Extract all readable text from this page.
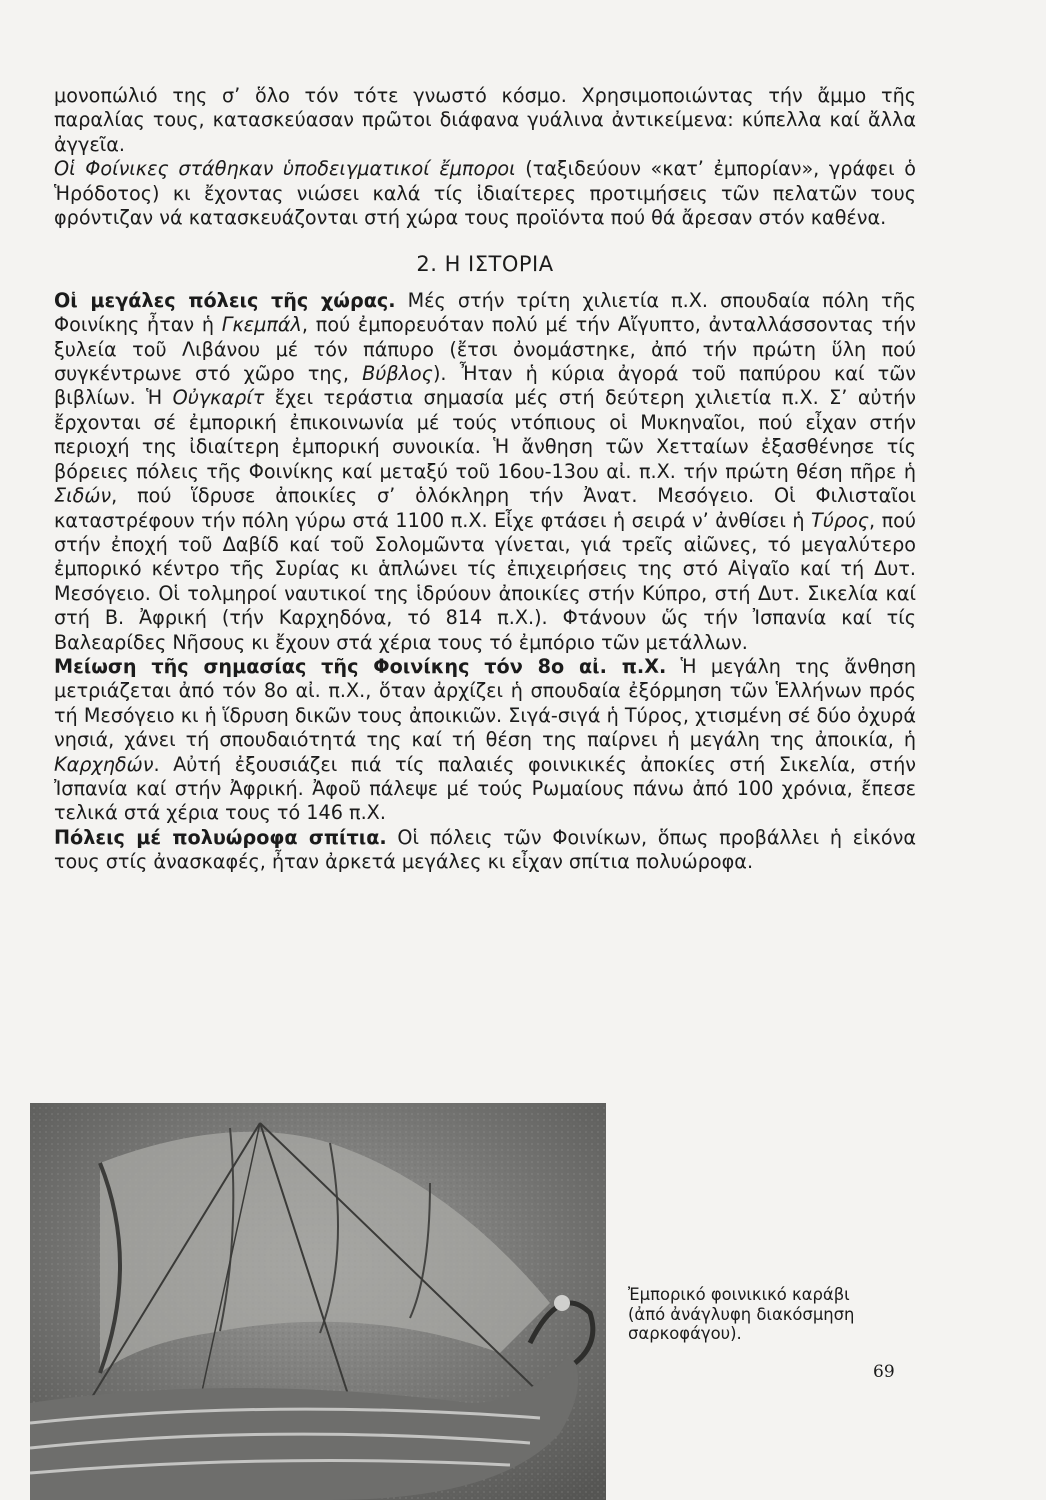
μονοπώλιό της σ’ ὅλο τόν τότε γνωστό κόσμο. Χρησιμοποιώντας τήν ἄμμο τῆς παραλίας τους, κατασκεύασαν πρῶτοι διάφανα γυάλινα ἀντικείμενα: κύπελλα καί ἄλλα ἀγγεῖα.

Οἱ Φοίνικες στάθηκαν ὑποδειγματικοί ἔμποροι (ταξιδεύουν «κατ’ ἐμπορίαν», γράφει ὁ Ἡρόδοτος) κι ἔχοντας νιώσει καλά τίς ἰδιαίτερες προτιμήσεις τῶν πελατῶν τους φρόντιζαν νά κατασκευάζονται στή χώρα τους προϊόντα πού θά ἄρεσαν στόν καθένα.

2. Η ΙΣΤΟΡΙΑ

Οἱ μεγάλες πόλεις τῆς χώρας. Μές στήν τρίτη χιλιετία π.Χ. σπουδαία πόλη τῆς Φοινίκης ἦταν ἡ Γκεμπάλ, πού ἐμπορευόταν πολύ μέ τήν Αἴγυπτο, ἀνταλλάσσοντας τήν ξυλεία τοῦ Λιβάνου μέ τόν πάπυρο (ἔτσι ὀνομάστηκε, ἀπό τήν πρώτη ὕλη πού συγκέντρωνε στό χῶρο της, Βύβλος). Ἦταν ἡ κύρια ἀγορά τοῦ παπύρου καί τῶν βιβλίων. Ἡ Οὐγκαρίτ ἔχει τεράστια σημασία μές στή δεύτερη χιλιετία π.Χ. Σ’ αὐτήν ἔρχονται σέ ἐμπορική ἐπικοινωνία μέ τούς ντόπιους οἱ Μυκηναῖοι, πού εἶχαν στήν περιοχή της ἰδιαίτερη ἐμπορική συνοικία. Ἡ ἄνθηση τῶν Χετταίων ἐξασθένησε τίς βόρειες πόλεις τῆς Φοινίκης καί μεταξύ τοῦ 16ου-13ου αἰ. π.Χ. τήν πρώτη θέση πῆρε ἡ Σιδών, πού ἵδρυσε ἀποικίες σ’ ὁλόκληρη τήν Ἀνατ. Μεσόγειο. Οἱ Φιλισταῖοι καταστρέφουν τήν πόλη γύρω στά 1100 π.Χ. Εἶχε φτάσει ἡ σειρά ν’ ἀνθίσει ἡ Τύρος, πού στήν ἐποχή τοῦ Δαβίδ καί τοῦ Σολομῶντα γίνεται, γιά τρεῖς αἰῶνες, τό μεγαλύτερο ἐμπορικό κέντρο τῆς Συρίας κι ἁπλώνει τίς ἐπιχειρήσεις της στό Αἰγαῖο καί τή Δυτ. Μεσόγειο. Οἱ τολμηροί ναυτικοί της ἱδρύουν ἀποικίες στήν Κύπρο, στή Δυτ. Σικελία καί στή Β. Ἀφρική (τήν Καρχηδόνα, τό 814 π.Χ.). Φτάνουν ὥς τήν Ἰσπανία καί τίς Βαλεαρίδες Νῆσους κι ἔχουν στά χέρια τους τό ἐμπόριο τῶν μετάλλων.

Μείωση τῆς σημασίας τῆς Φοινίκης τόν 8ο αἰ. π.Χ. Ἡ μεγάλη της ἄνθηση μετριάζεται ἀπό τόν 8ο αἰ. π.Χ., ὅταν ἀρχίζει ἡ σπουδαία ἐξόρμηση τῶν Ἑλλήνων πρός τή Μεσόγειο κι ἡ ἵδρυση δικῶν τους ἀποικιῶν. Σιγά-σιγά ἡ Τύρος, χτισμένη σέ δύο ὀχυρά νησιά, χάνει τή σπουδαιότητά της καί τή θέση της παίρνει ἡ μεγάλη της ἀποικία, ἡ Καρχηδών. Αὐτή ἐξουσιάζει πιά τίς παλαιές φοινικικές ἀποκίες στή Σικελία, στήν Ἰσπανία καί στήν Ἀφρική. Ἀφοῦ πάλεψε μέ τούς Ρωμαίους πάνω ἀπό 100 χρόνια, ἔπεσε τελικά στά χέρια τους τό 146 π.Χ.

Πόλεις μέ πολυώροφα σπίτια. Οἱ πόλεις τῶν Φοινίκων, ὅπως προβάλλει ἡ εἰκόνα τους στίς ἀνασκαφές, ἦταν ἀρκετά μεγάλες κι εἶχαν σπίτια πολυώροφα.

Ἐμπορικό φοινικικό καράβι
(ἀπό ἀνάγλυφη διακόσμηση
σαρκοφάγου).
69
